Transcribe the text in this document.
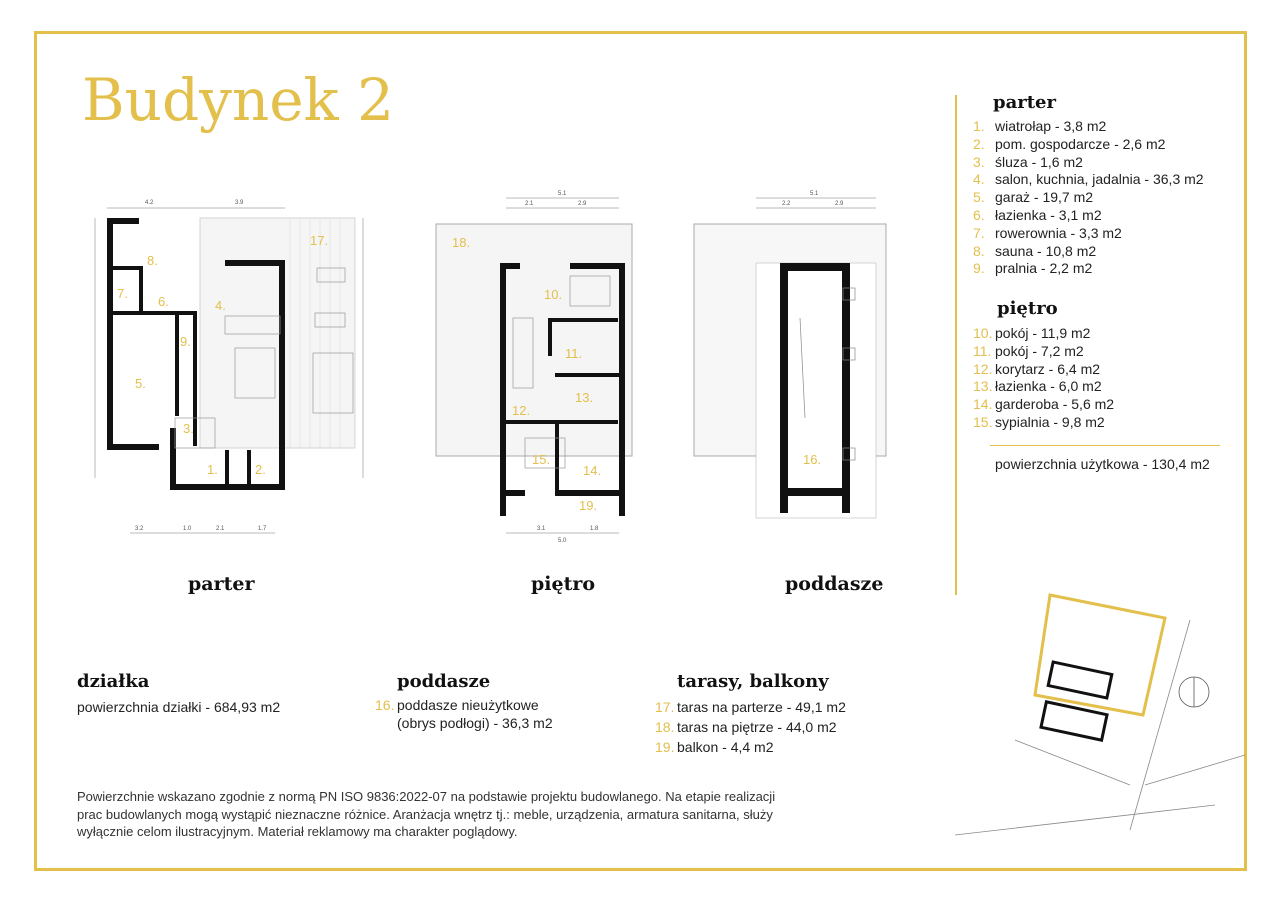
Budynek 2
8.
7.
6.	4.
9.
5.
3.
1.	2.
17.
4.2	3.9
3.2	1.0	2.1	1.7
18.
10.
11.
13.
12.
15.
14.
19.
5.1
2.1	2.9
3.1	1.8
5.0
16.
5.1
2.2	2.9
parter	piętro	poddasze
parter
1. wiatrołap - 3,8 m2
2. pom. gospodarcze - 2,6 m2
3. śluza - 1,6 m2
4. salon, kuchnia, jadalnia - 36,3 m2
5. garaż - 19,7 m2
6. łazienka - 3,1 m2
7. rowerownia - 3,3 m2
8. sauna - 10,8 m2
9. pralnia - 2,2 m2
piętro
10. pokój - 11,9 m2
11. pokój - 7,2 m2
12. korytarz - 6,4 m2
13. łazienka - 6,0 m2
14. garderoba - 5,6 m2
15. sypialnia - 9,8 m2
powierzchnia użytkowa - 130,4 m2
działka
powierzchnia działki - 684,93 m2
poddasze
16. poddasze nieużytkowe
(obrys podłogi) - 36,3 m2
tarasy, balkony
17. taras na parterze - 49,1 m2
18. taras na piętrze - 44,0 m2
19. balkon - 4,4 m2
Powierzchnie wskazano zgodnie z normą PN ISO 9836:2022-07 na podstawie projektu budowlanego. Na etapie realizacji prac budowlanych mogą wystąpić nieznaczne różnice. Aranżacja wnętrz tj.: meble, urządzenia, armatura sanitarna, służy wyłącznie celom ilustracyjnym. Materiał reklamowy ma charakter poglądowy.
